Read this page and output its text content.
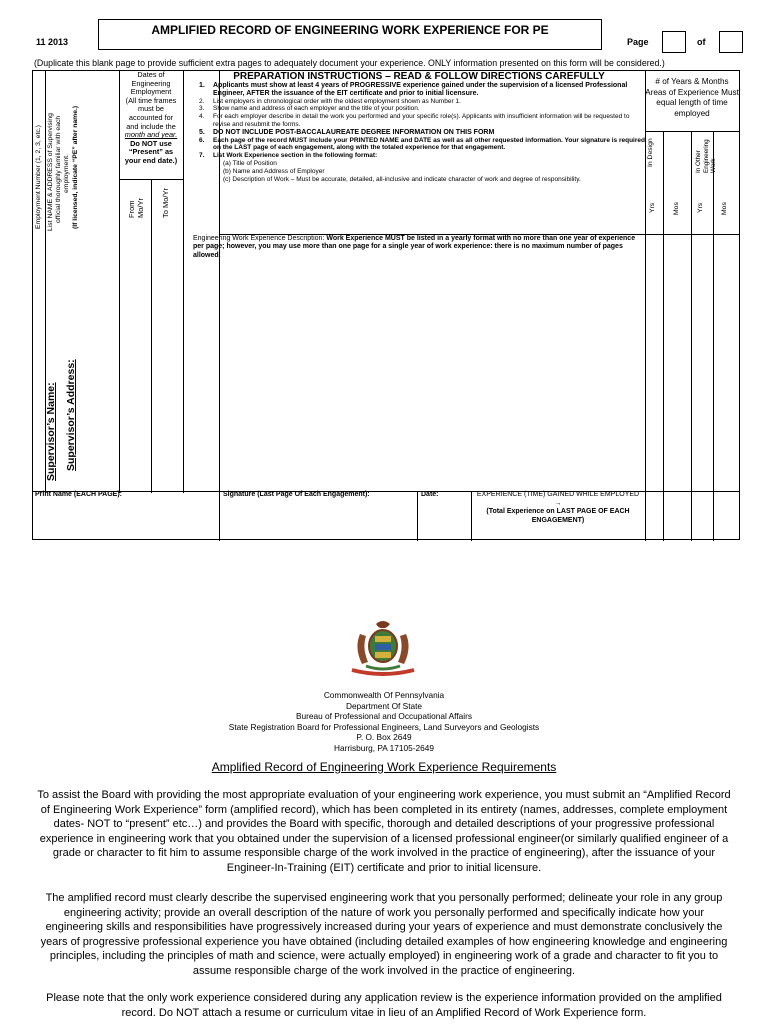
11 2013
AMPLIFIED RECORD OF ENGINEERING WORK EXPERIENCE FOR PE
Page	of
(Duplicate this blank page to provide sufficient extra pages to adequately document your experience. ONLY information presented on this form will be considered.)
Employment Number (1, 2, 3, etc.) List NAME & ADDRESS of Supervising official thoroughly familiar with each employment. (If licensed, indicate “PE” after name.)
Supervisor’s Name: Supervisor’s Address:
Dates of
Engineering
Employment
(All time frames
must be
accounted for
and include the
month and year.
Do NOT use
“Present” as
your end date.)
From Mo/Yr To Mo/Yr
PREPARATION INSTRUCTIONS – READ & FOLLOW DIRECTIONS CAREFULLY
1.	Applicants must show at least 4 years of PROGRESSIVE experience gained under the supervision of a licensed Professional Engineer, AFTER the issuance of the EIT certificate and prior to initial licensure.
2.	List employers in chronological order with the oldest employment shown as Number 1.
3.	Show name and address of each employer and the title of your position.
4.	For each employer describe in detail the work you performed and your specific role(s). Applicants with insufficient information will be requested to revise and resubmit the forms.
5.	DO NOT INCLUDE POST-BACCALAUREATE DEGREE INFORMATION ON THIS FORM
6.	Each page of the record MUST include your PRINTED NAME and DATE as well as all other requested information. Your signature is required on the LAST page of each engagement, along with the totaled experience for that engagement.
7.	List Work Experience section in the following format:
(a) Title of Position
(b) Name and Address of Employer
(c) Description of Work – Must be accurate, detailed, all-inclusive and indicate character of work and degree of responsibility.
# of Years & Months Areas of Experience Must equal length of time employed
In Design	In Other Engineering Work
Yrs	Mos	Yrs	Mos
Engineering Work Experience Description: Work Experience MUST be listed in a yearly format with no more than one year of experience per page; however, you may use more than one page for a single year of work experience: there is no maximum number of pages allowed.
Print Name (EACH PAGE):	Signature (Last Page Of Each Engagement):	Date:	EXPERIENCE (TIME) GAINED WHILE EMPLOYED →
(Total Experience on LAST PAGE OF EACH ENGAGEMENT)
Commonwealth Of Pennsylvania
Department Of State
Bureau of Professional and Occupational Affairs
State Registration Board for Professional Engineers, Land Surveyors and Geologists
P. O. Box 2649
Harrisburg, PA 17105-2649
Amplified Record of Engineering Work Experience Requirements
To assist the Board with providing the most appropriate evaluation of your engineering work experience, you must submit an “Amplified Record of Engineering Work Experience” form (amplified record), which has been completed in its entirety (names, addresses, complete employment dates- NOT to “present” etc…) and provides the Board with specific, thorough and detailed descriptions of your progressive professional experience in engineering work that you obtained under the supervision of a licensed professional engineer(or similarly qualified engineer of a grade or character to fit him to assume responsible charge of the work involved in the practice of engineering), after the issuance of your Engineer-In-Training (EIT) certificate and prior to initial licensure.
The amplified record must clearly describe the supervised engineering work that you personally performed; delineate your role in any group engineering activity; provide an overall description of the nature of work you personally performed and specifically indicate how your engineering skills and responsibilities have progressively increased during your years of experience and must demonstrate conclusively the years of progressive professional experience you have obtained (including detailed examples of how engineering knowledge and engineering principles, including the principles of math and science, were actually employed) in engineering work of a grade and character to fit you to assume responsible charge of the work involved in the practice of engineering.
Please note that the only work experience considered during any application review is the experience information provided on the amplified record. Do NOT attach a resume or curriculum vitae in lieu of an Amplified Record of Work Experience form.
